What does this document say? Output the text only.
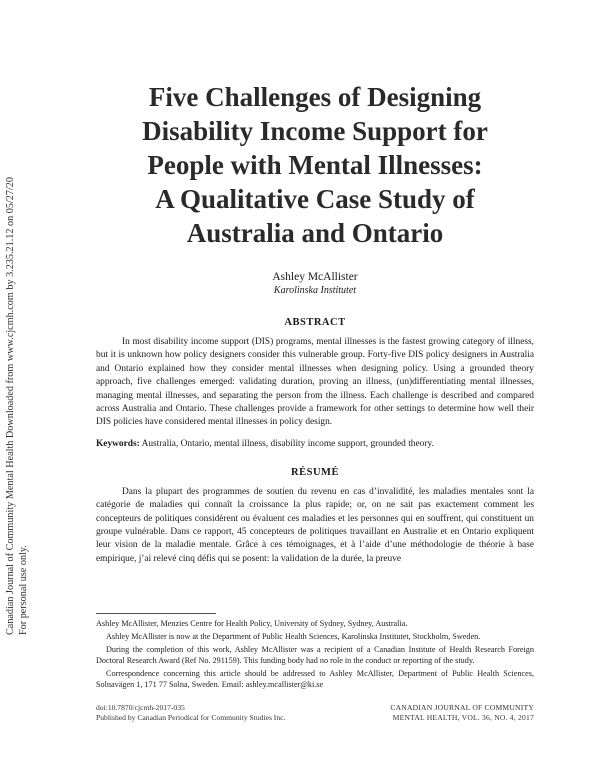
Canadian Journal of Community Mental Health Downloaded from www.cjcmh.com by 3.235.21.12 on 05/27/20 For personal use only.
Five Challenges of Designing
Disability Income Support for
People with Mental Illnesses:
A Qualitative Case Study of
Australia and Ontario
Ashley McAllister
Karolinska Institutet
ABSTRACT

In most disability income support (DIS) programs, mental illnesses is the fastest growing category of illness, but it is unknown how policy designers consider this vulnerable group. Forty-five DIS policy designers in Australia and Ontario explained how they consider mental illnesses when designing policy. Using a grounded theory approach, five challenges emerged: validating duration, proving an illness, (un)differentiating mental illnesses, managing mental illnesses, and separating the person from the illness. Each challenge is described and compared across Australia and Ontario. These challenges provide a framework for other settings to determine how well their DIS policies have considered mental illnesses in policy design.

Keywords: Australia, Ontario, mental illness, disability income support, grounded theory.
RÉSUMÉ

Dans la plupart des programmes de soutien du revenu en cas d’invalidité, les maladies mentales sont la catégorie de maladies qui connaît la croissance la plus rapide; or, on ne sait pas exactement comment les concepteurs de politiques considèrent ou évaluent ces maladies et les personnes qui en souffrent, qui constituent un groupe vulnérable. Dans ce rapport, 45 concepteurs de politiques travaillant en Australie et en Ontario expliquent leur vision de la maladie mentale. Grâce à ces témoignages, et à l’aide d’une méthodologie de théorie à base empirique, j’ai relevé cinq défis qui se posent: la validation de la durée, la preuve

Ashley McAllister, Menzies Centre for Health Policy, University of Sydney, Sydney, Australia.

Ashley McAllister is now at the Department of Public Health Sciences, Karolinska Institutet, Stockholm, Sweden.

During the completion of this work, Ashley McAllister was a recipient of a Canadian Institute of Health Research Foreign Doctoral Research Award (Ref No. 291159). This funding body had no role in the conduct or reporting of the study.

Correspondence concerning this article should be addressed to Ashley McAllister, Department of Public Health Sciences, Solnavägen 1, 171 77 Solna, Sweden. Email: ashley.mcallister@ki.se

doi:10.7870/cjcmh-2017-035
Published by Canadian Periodical for Community Studies Inc.
CANADIAN JOURNAL OF COMMUNITY
MENTAL HEALTH, VOL. 36, NO. 4, 2017
